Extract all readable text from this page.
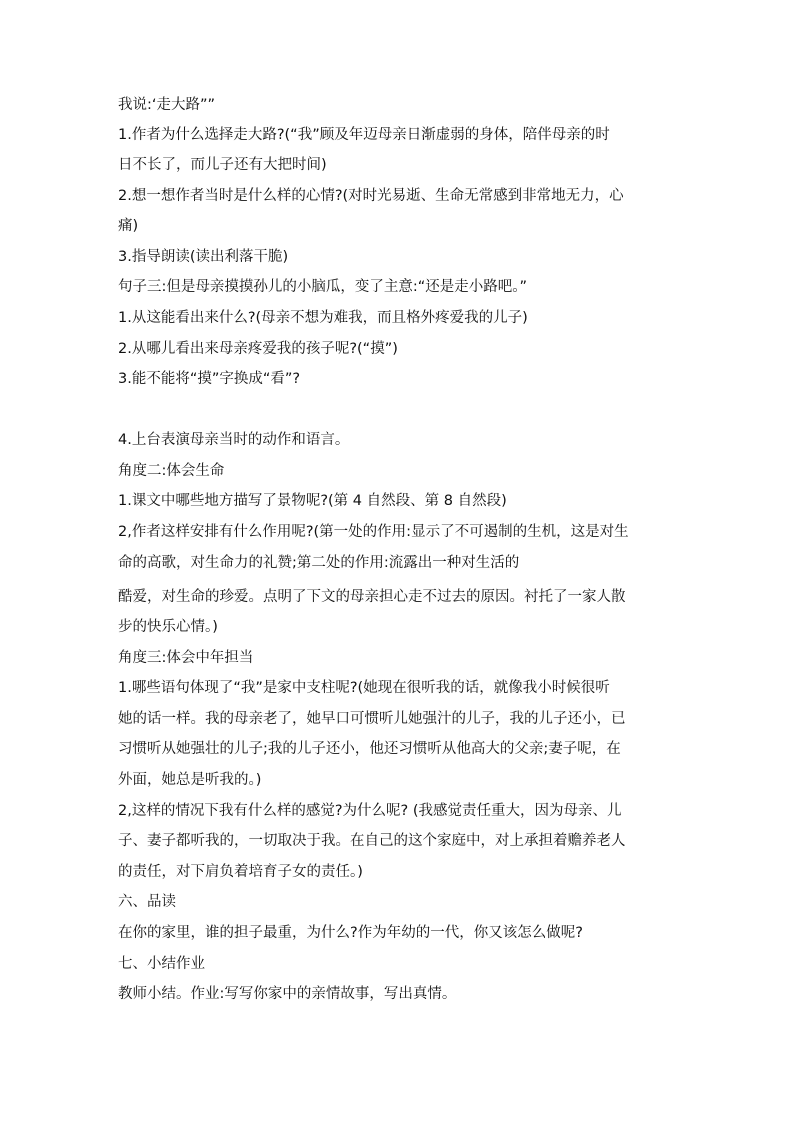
我说:‘走大路””
1.作者为什么选择走大路?(“我”顾及年迈母亲日渐虚弱的身体，陪伴母亲的时
日不长了，而儿子还有大把时间)
2.想一想作者当时是什么样的心情?(对时光易逝、生命无常感到非常地无力，心
痛)
3.指导朗读(读出利落干脆)
句子三:但是母亲摸摸孙儿的小脑瓜，变了主意:“还是走小路吧。”
1.从这能看出来什么?(母亲不想为难我，而且格外疼爱我的儿子)
2.从哪儿看出来母亲疼爱我的孩子呢?(“摸”)
3.能不能将“摸”字换成“看”?
4.上台表演母亲当时的动作和语言。
角度二:体会生命
1.课文中哪些地方描写了景物呢?(第 4 自然段、第 8 自然段)
2,作者这样安排有什么作用呢?(第一处的作用:显示了不可遏制的生机，这是对生
命的高歌，对生命力的礼赞;第二处的作用:流露出一种对生活的
酷爱，对生命的珍爱。点明了下文的母亲担心走不过去的原因。衬托了一家人散
步的快乐心情。)
角度三:体会中年担当
1.哪些语句体现了“我”是家中支柱呢?(她现在很听我的话，就像我小时候很听
她的话一样。我的母亲老了，她早口可惯听儿她强汁的儿子，我的儿子还小，已
习惯听从她强壮的儿子;我的儿子还小，他还习惯听从他高大的父亲;妻子呢，在
外面，她总是听我的。)
2,这样的情况下我有什么样的感觉?为什么呢? (我感觉责任重大，因为母亲、儿
子、妻子都听我的，一切取决于我。在自己的这个家庭中，对上承担着赡养老人
的责任，对下肩负着培育子女的责任。)
六、品读
在你的家里，谁的担子最重，为什么?作为年幼的一代，你又该怎么做呢?
七、小结作业
教师小结。作业:写写你家中的亲情故事，写出真情。
